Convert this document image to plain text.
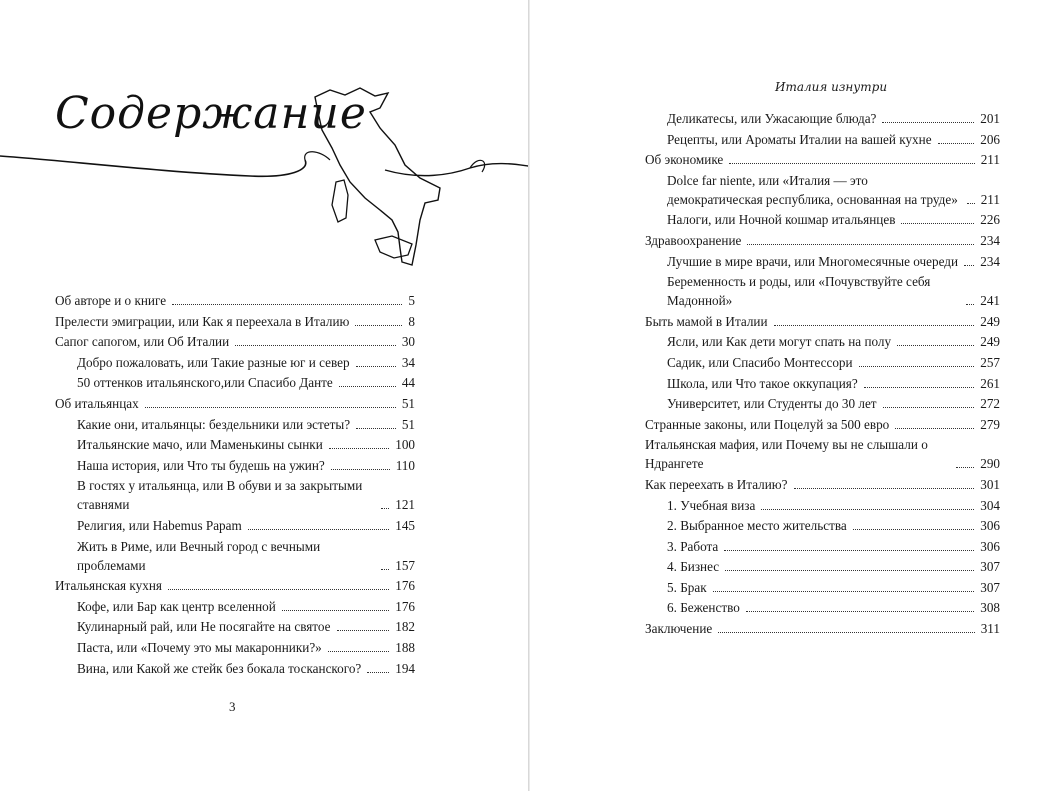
Содержание
Об авторе и о книге	5
Прелести эмиграции, или Как я переехала в Италию	8
Сапог сапогом, или Об Италии	30
Добро пожаловать, или Такие разные юг и север	34
50 оттенков итальянского,или Спасибо Данте	44
Об итальянцах	51
Какие они, итальянцы: бездельники или эстеты?	51
Итальянские мачо, или Маменькины сынки	100
Наша история, или Что ты будешь на ужин?	110
В гостях у итальянца, или В обуви и за закрытыми ставнями	121
Религия, или Habemus Papam	145
Жить в Риме, или Вечный город с вечными проблемами	157
Итальянская кухня	176
Кофе, или Бар как центр вселенной	176
Кулинарный рай, или Не посягайте на святое	182
Паста, или «Почему это мы макаронники?»	188
Вина, или Какой же стейк без бокала тосканского?	194
3
Италия изнутри
Деликатесы, или Ужасающие блюда?	201
Рецепты, или Ароматы Италии на вашей кухне	206
Об экономике	211
Dolce far niente, или «Италия — это демократическая республика, основанная на труде» 211
Налоги, или Ночной кошмар итальянцев	226
Здравоохранение	234
Лучшие в мире врачи, или Многомесячные очереди 234
Беременность и роды, или «Почувствуйте себя Мадонной»	241
Быть мамой в Италии	249
Ясли, или Как дети могут спать на полу	249
Садик, или Спасибо Монтессори	257
Школа, или Что такое оккупация?	261
Университет, или Студенты до 30 лет	272
Странные законы, или Поцелуй за 500 евро	279
Итальянская мафия, или Почему вы не слышали о Ндрангете	290
Как переехать в Италию?	301
1. Учебная виза	304
2. Выбранное место жительства	306
3. Работа	306
4. Бизнес	307
5. Брак	307
6. Беженство	308
Заключение	311
